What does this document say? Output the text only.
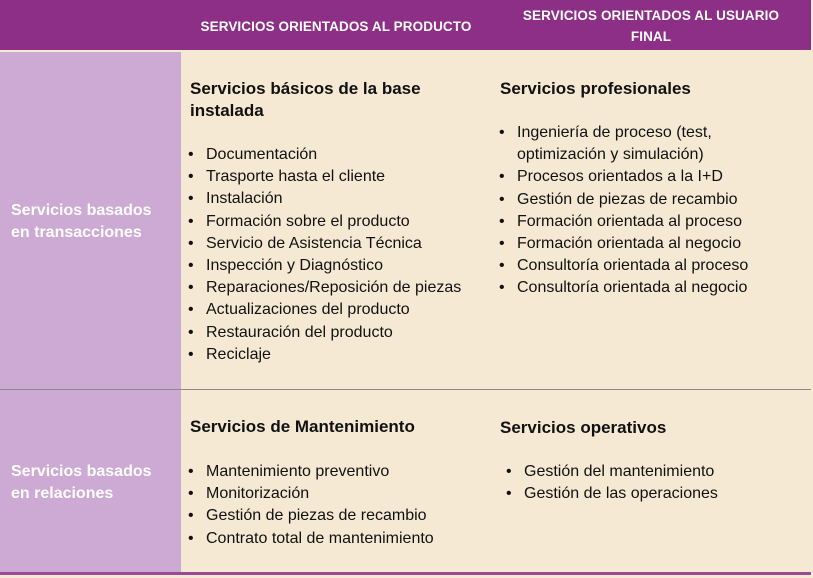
SERVICIOS ORIENTADOS AL PRODUCTO
SERVICIOS ORIENTADOS AL USUARIO
FINAL
Servicios basados
en transacciones
Servicios basados
en relaciones
Servicios básicos de la base
instalada
• Documentación
• Trasporte hasta el cliente
• Instalación
• Formación sobre el producto
• Servicio de Asistencia Técnica
• Inspección y Diagnóstico
• Reparaciones/Reposición de piezas
• Actualizaciones del producto
• Restauración del producto
• Reciclaje
Servicios profesionales
• Ingeniería de proceso (test,
optimización y simulación)
• Procesos orientados a la I+D
• Gestión de piezas de recambio
• Formación orientada al proceso
• Formación orientada al negocio
• Consultoría orientada al proceso
• Consultoría orientada al negocio
Servicios de Mantenimiento
• Mantenimiento preventivo
• Monitorización
• Gestión de piezas de recambio
• Contrato total de mantenimiento
Servicios operativos
• Gestión del mantenimiento
• Gestión de las operaciones
